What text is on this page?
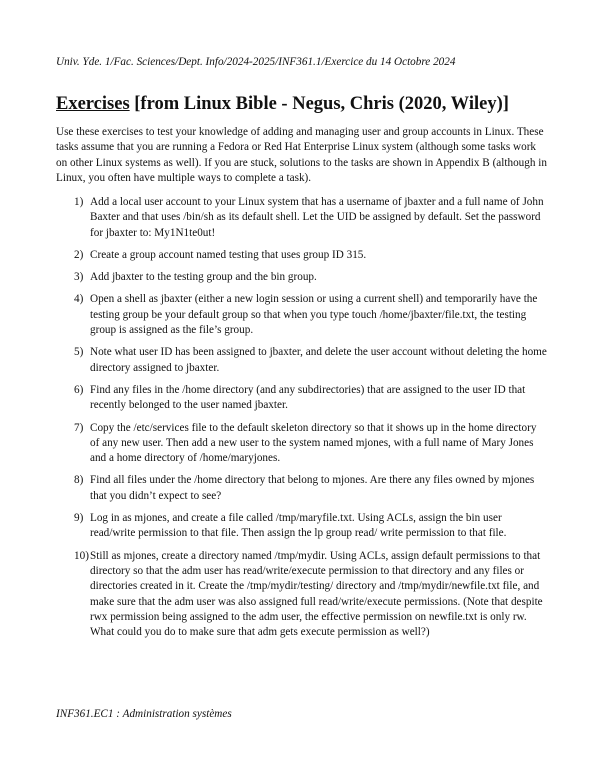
Univ. Yde. 1/Fac. Sciences/Dept. Info/2024-2025/INF361.1/Exercice du 14 Octobre 2024
Exercises [from Linux Bible - Negus, Chris (2020, Wiley)]
Use these exercises to test your knowledge of adding and managing user and group accounts in Linux. These tasks assume that you are running a Fedora or Red Hat Enterprise Linux system (although some tasks work on other Linux systems as well). If you are stuck, solutions to the tasks are shown in Appendix B (although in Linux, you often have multiple ways to complete a task).
1) Add a local user account to your Linux system that has a username of jbaxter and a full name of John Baxter and that uses /bin/sh as its default shell. Let the UID be assigned by default. Set the password for jbaxter to: My1N1te0ut!
2) Create a group account named testing that uses group ID 315.
3) Add jbaxter to the testing group and the bin group.
4) Open a shell as jbaxter (either a new login session or using a current shell) and temporarily have the testing group be your default group so that when you type touch /home/jbaxter/file.txt, the testing group is assigned as the file’s group.
5) Note what user ID has been assigned to jbaxter, and delete the user account without deleting the home directory assigned to jbaxter.
6) Find any files in the /home directory (and any subdirectories) that are assigned to the user ID that recently belonged to the user named jbaxter.
7) Copy the /etc/services file to the default skeleton directory so that it shows up in the home directory of any new user. Then add a new user to the system named mjones, with a full name of Mary Jones and a home directory of /home/maryjones.
8) Find all files under the /home directory that belong to mjones. Are there any files owned by mjones that you didn’t expect to see?
9) Log in as mjones, and create a file called /tmp/maryfile.txt. Using ACLs, assign the bin user read/write permission to that file. Then assign the lp group read/ write permission to that file.
10) Still as mjones, create a directory named /tmp/mydir. Using ACLs, assign default permissions to that directory so that the adm user has read/write/execute permission to that directory and any files or directories created in it. Create the /tmp/mydir/testing/ directory and /tmp/mydir/newfile.txt file, and make sure that the adm user was also assigned full read/write/execute permissions. (Note that despite rwx permission being assigned to the adm user, the effective permission on newfile.txt is only rw. What could you do to make sure that adm gets execute permission as well?)
INF361.EC1 : Administration systèmes
